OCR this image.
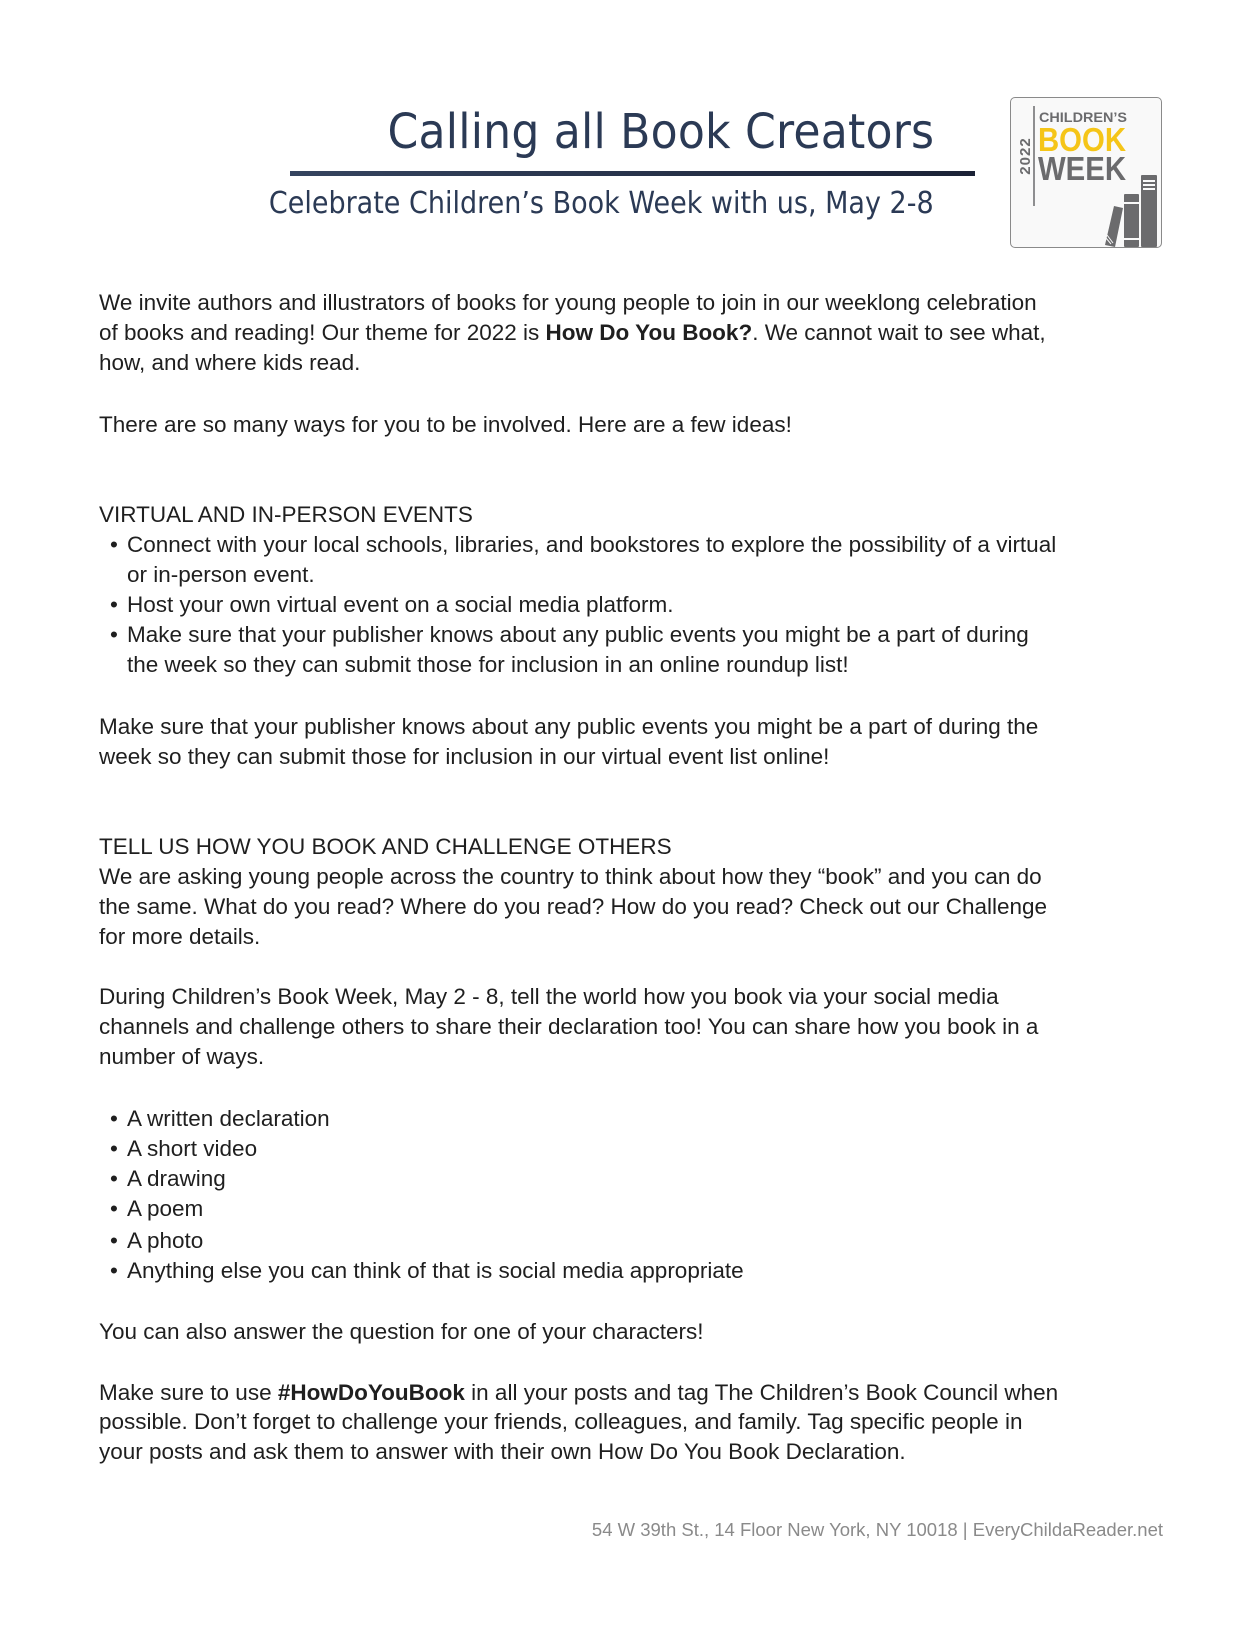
Calling all Book Creators
Celebrate Children’s Book Week with us, May 2-8
2022
CHILDREN’S
BOOK
WEEK
We invite authors and illustrators of books for young people to join in our weeklong celebration
of books and reading! Our theme for 2022 is How Do You Book?. We cannot wait to see what,
how, and where kids read.
There are so many ways for you to be involved. Here are a few ideas!
VIRTUAL AND IN-PERSON EVENTS
• Connect with your local schools, libraries, and bookstores to explore the possibility of a virtual
or in-person event.
• Host your own virtual event on a social media platform.
• Make sure that your publisher knows about any public events you might be a part of during
the week so they can submit those for inclusion in an online roundup list!
Make sure that your publisher knows about any public events you might be a part of during the
week so they can submit those for inclusion in our virtual event list online!
TELL US HOW YOU BOOK AND CHALLENGE OTHERS
We are asking young people across the country to think about how they “book” and you can do
the same. What do you read? Where do you read? How do you read? Check out our Challenge
for more details.
During Children’s Book Week, May 2 - 8, tell the world how you book via your social media
channels and challenge others to share their declaration too! You can share how you book in a
number of ways.
• A written declaration
• A short video
• A drawing
• A poem
• A photo
• Anything else you can think of that is social media appropriate
You can also answer the question for one of your characters!
Make sure to use #HowDoYouBook in all your posts and tag The Children’s Book Council when
possible. Don’t forget to challenge your friends, colleagues, and family. Tag specific people in
your posts and ask them to answer with their own How Do You Book Declaration.
54 W 39th St., 14 Floor New York, NY 10018 | EveryChildaReader.net
